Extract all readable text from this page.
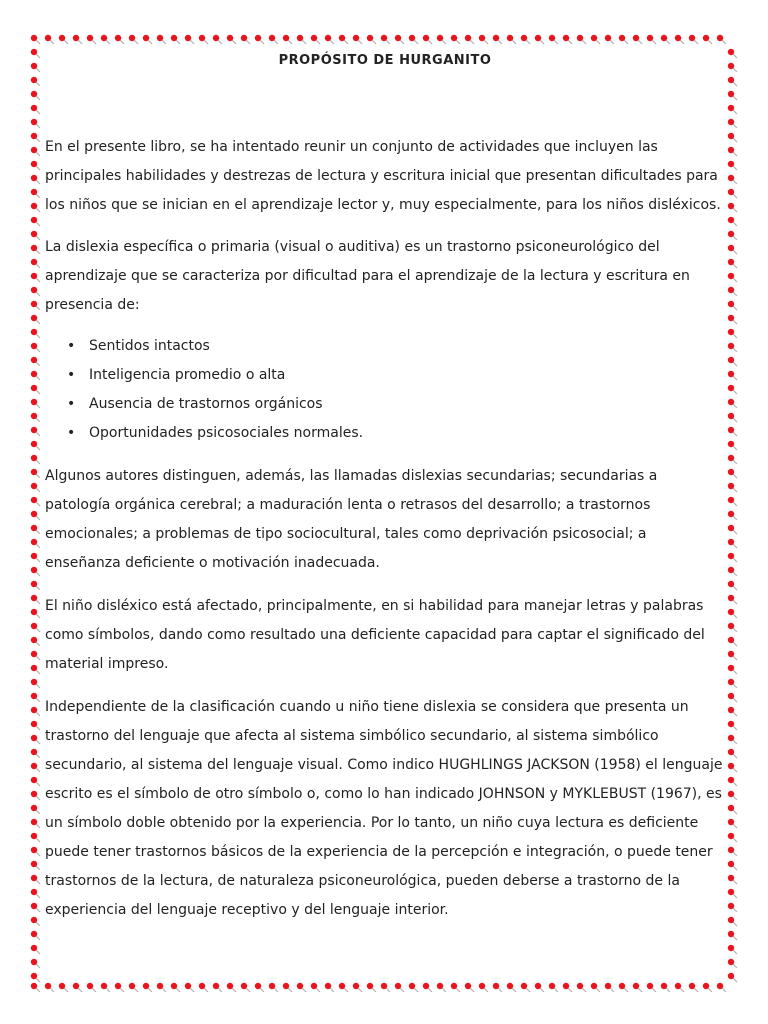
PROPÓSITO DE HURGANITO

En el presente libro, se ha intentado reunir un conjunto de actividades que incluyen las principales habilidades y destrezas de lectura y escritura inicial que presentan dificultades para los niños que se inician en el aprendizaje lector y, muy especialmente, para los niños disléxicos.

La dislexia específica o primaria (visual o auditiva) es un trastorno psiconeurológico del aprendizaje que se caracteriza por dificultad para el aprendizaje de la lectura y escritura en presencia de:

• Sentidos intactos
• Inteligencia promedio o alta
• Ausencia de trastornos orgánicos
• Oportunidades psicosociales normales.

Algunos autores distinguen, además, las llamadas dislexias secundarias; secundarias a patología orgánica cerebral; a maduración lenta o retrasos del desarrollo; a trastornos emocionales; a problemas de tipo sociocultural, tales como deprivación psicosocial; a enseñanza deficiente o motivación inadecuada.

El niño disléxico está afectado, principalmente, en si habilidad para manejar letras y palabras como símbolos, dando como resultado una deficiente capacidad para captar el significado del material impreso.

Independiente de la clasificación cuando u niño tiene dislexia se considera que presenta un trastorno del lenguaje que afecta al sistema simbólico secundario, al sistema simbólico secundario, al sistema del lenguaje visual. Como indico HUGHLINGS JACKSON (1958) el lenguaje escrito es el símbolo de otro símbolo o, como lo han indicado JOHNSON y MYKLEBUST (1967), es un símbolo doble obtenido por la experiencia. Por lo tanto, un niño cuya lectura es deficiente puede tener trastornos básicos de la experiencia de la percepción e integración, o puede tener trastornos de la lectura, de naturaleza psiconeurológica, pueden deberse a trastorno de la experiencia del lenguaje receptivo y del lenguaje interior.
